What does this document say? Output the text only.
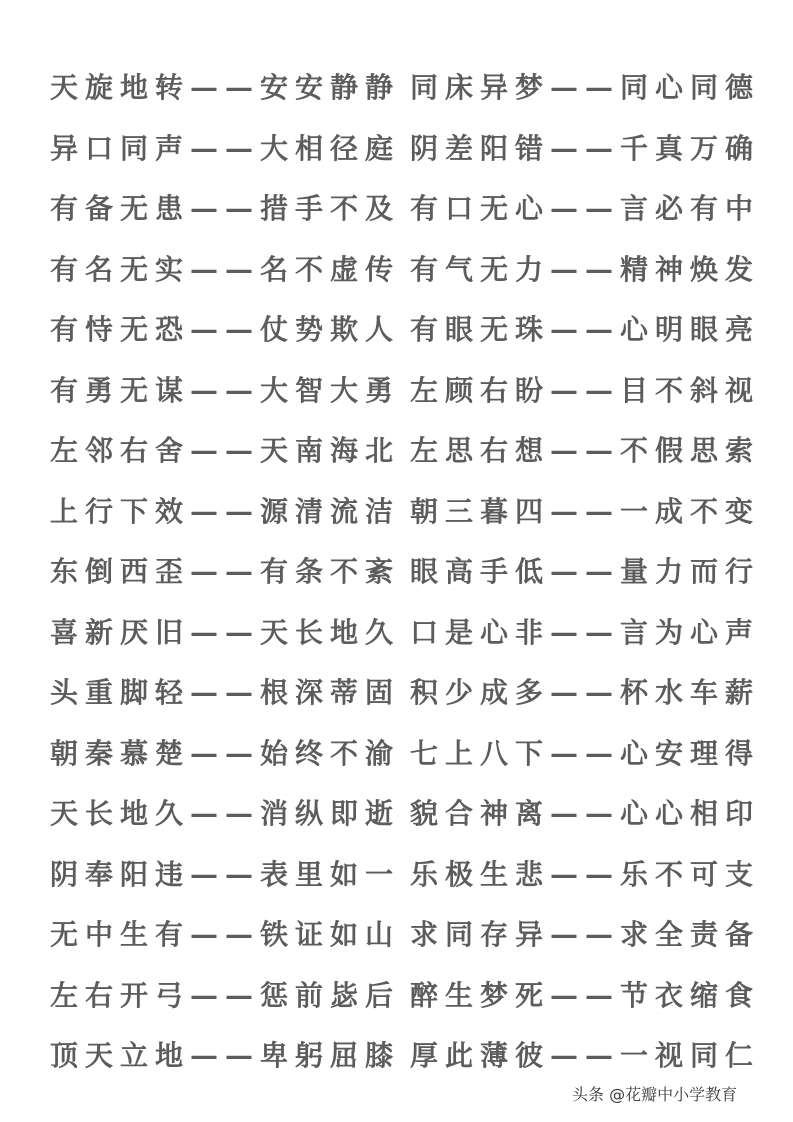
天旋地转——安安静静 同床异梦——同心同德
异口同声——大相径庭 阴差阳错——千真万确
有备无患——措手不及 有口无心——言必有中
有名无实——名不虚传 有气无力——精神焕发
有恃无恐——仗势欺人 有眼无珠——心明眼亮
有勇无谋——大智大勇 左顾右盼——目不斜视
左邻右舍——天南海北 左思右想——不假思索
上行下效——源清流洁 朝三暮四——一成不变
东倒西歪——有条不紊 眼高手低——量力而行
喜新厌旧——天长地久 口是心非——言为心声
头重脚轻——根深蒂固 积少成多——杯水车薪
朝秦慕楚——始终不渝 七上八下——心安理得
天长地久——消纵即逝 貌合神离——心心相印
阴奉阳违——表里如一 乐极生悲——乐不可支
无中生有——铁证如山 求同存异——求全责备
左右开弓——惩前毖后 醉生梦死——节衣缩食
顶天立地——卑躬屈膝 厚此薄彼——一视同仁
头条 @花瓣中小学教育
